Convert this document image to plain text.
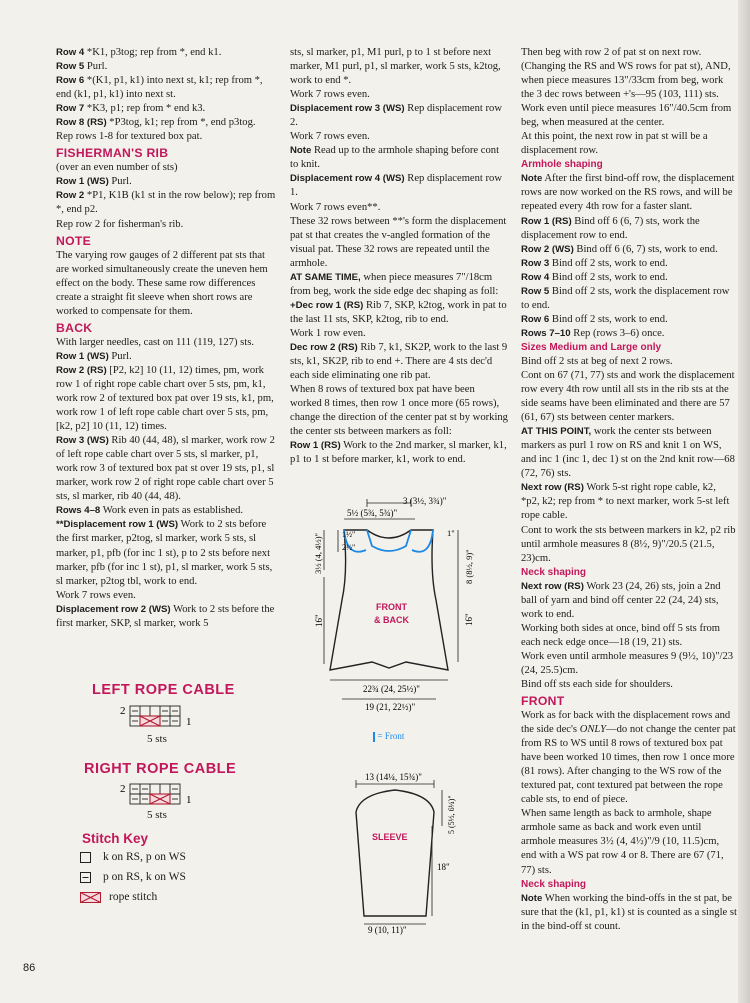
Row 4 *K1, p3tog; rep from *, end k1.

Row 5 Purl.

Row 6 *(K1, p1, k1) into next st, k1; rep from *, end (k1, p1, k1) into next st.

Row 7 *K3, p1; rep from * end k3.

Row 8 (RS) *P3tog, k1; rep from *, end p3tog.

Rep rows 1-8 for textured box pat.

FISHERMAN'S RIB

(over an even number of sts)

Row 1 (WS) Purl.

Row 2 *P1, K1B (k1 st in the row below); rep from *, end p2.

Rep row 2 for fisherman's rib.

NOTE

The varying row gauges of 2 different pat sts that are worked simultaneously create the uneven hem effect on the body. These same row differences create a straight fit sleeve when short rows are worked to compensate for them.

BACK

With larger needles, cast on 111 (119, 127) sts.

Row 1 (WS) Purl.

Row 2 (RS) [P2, k2] 10 (11, 12) times, pm, work row 1 of right rope cable chart over 5 sts, pm, k1, work row 2 of textured box pat over 19 sts, k1, pm, work row 1 of left rope cable chart over 5 sts, pm, [k2, p2] 10 (11, 12) times.

Row 3 (WS) Rib 40 (44, 48), sl marker, work row 2 of left rope cable chart over 5 sts, sl marker, p1, work row 3 of textured box pat st over 19 sts, p1, sl marker, work row 2 of right rope cable chart over 5 sts, sl marker, rib 40 (44, 48).

Rows 4–8 Work even in pats as established.

**Displacement row 1 (WS) Work to 2 sts before the first marker, p2tog, sl marker, work 5 sts, sl marker, p1, pfb (for inc 1 st), p to 2 sts before next marker, pfb (for inc 1 st), p1, sl marker, work 5 sts, sl marker, p2tog tbl, work to end.

Work 7 rows even.

Displacement row 2 (WS) Work to 2 sts before the first marker, SKP, sl marker, work 5

sts, sl marker, p1, M1 purl, p to 1 st before next marker, M1 purl, p1, sl marker, work 5 sts, k2tog, work to end *.

Work 7 rows even.

Displacement row 3 (WS) Rep displacement row 2.

Work 7 rows even.

Note Read up to the armhole shaping before cont to knit.

Displacement row 4 (WS) Rep displacement row 1.

Work 7 rows even**.

These 32 rows between **'s form the displacement pat st that creates the v-angled formation of the visual pat. These 32 rows are repeated until the armhole.

AT SAME TIME, when piece measures 7"/18cm from beg, work the side edge dec shaping as foll:

+Dec row 1 (RS) Rib 7, SKP, k2tog, work in pat to the last 11 sts, SKP, k2tog, rib to end.

Work 1 row even.

Dec row 2 (RS) Rib 7, k1, SK2P, work to the last 9 sts, k1, SK2P, rib to end +. There are 4 sts dec'd each side eliminating one rib pat.

When 8 rows of textured box pat have been worked 8 times, then row 1 once more (65 rows), change the direction of the center pat st by working the center sts between markers as foll:

Row 1 (RS) Work to the 2nd marker, sl marker, k1, p1 to 1 st before marker, k1, work to end.

Then beg with row 2 of pat st on next row. (Changing the RS and WS rows for pat st), AND, when piece measures 13"/33cm from beg, work the 3 dec rows between +'s—95 (103, 111) sts. Work even until piece measures 16"/40.5cm from beg, when measured at the center.

At this point, the next row in pat st will be a displacement row.

Armhole shaping

Note After the first bind-off row, the displacement rows are now worked on the RS rows, and will be repeated every 4th row for a faster slant.

Row 1 (RS) Bind off 6 (6, 7) sts, work the displacement row to end.

Row 2 (WS) Bind off 6 (6, 7) sts, work to end.

Row 3 Bind off 2 sts, work to end.

Row 4 Bind off 2 sts, work to end.

Row 5 Bind off 2 sts, work the displacement row to end.

Row 6 Bind off 2 sts, work to end.

Rows 7–10 Rep (rows 3–6) once.

Sizes Medium and Large only

Bind off 2 sts at beg of next 2 rows.

Cont on 67 (71, 77) sts and work the displacement row every 4th row until all sts in the rib sts at the side seams have been eliminated and there are 57 (61, 67) sts between center markers.

AT THIS POINT, work the center sts between markers as purl 1 row on RS and knit 1 on WS, and inc 1 (inc 1, dec 1) st on the 2nd knit row—68 (72, 76) sts.

Next row (RS) Work 5-st right rope cable, k2, *p2, k2; rep from * to next marker, work 5-st left rope cable.

Cont to work the sts between markers in k2, p2 rib until armhole measures 8 (8½, 9)"/20.5 (21.5, 23)cm.

Neck shaping

Next row (RS) Work 23 (24, 26) sts, join a 2nd ball of yarn and bind off center 22 (24, 24) sts, work to end.

Working both sides at once, bind off 5 sts from each neck edge once—18 (19, 21) sts.

Work even until armhole measures 9 (9½, 10)"/23 (24, 25.5)cm.

Bind off sts each side for shoulders.

FRONT

Work as for back with the displacement rows and the side dec's ONLY—do not change the center pat from RS to WS until 8 rows of textured box pat have been worked 10 times, then row 1 once more (81 rows). After changing to the WS row of the textured pat, cont textured pat between the rope cable sts, to end of piece.

When same length as back to armhole, shape armhole same as back and work even until armhole measures 3½ (4, 4½)"/9 (10, 11.5)cm, end with a WS pat row 4 or 8. There are 67 (71, 77) sts.

Neck shaping

Note When working the bind-offs in the st pat, be sure that the (k1, p1, k1) st is counted as a single st in the bind-off st count.

3 (3½, 3¾)"
5½ (5¾, 5¾)"
1½"
2½"
3½ (4, 4½)"
16"
1"
8 (8½, 9)"
16"
FRONT
& BACK
22¾ (24, 25½)"
19 (21, 22½)"
= Front
13 (14¼, 15¾)"
SLEEVE
5 (5½, 6¼)"
18"
9 (10, 11)"
LEFT ROPE CABLE
2
1
5 sts
RIGHT ROPE CABLE
2
1
5 sts
Stitch Key
k on RS, p on WS
p on RS, k on WS
rope stitch
86
